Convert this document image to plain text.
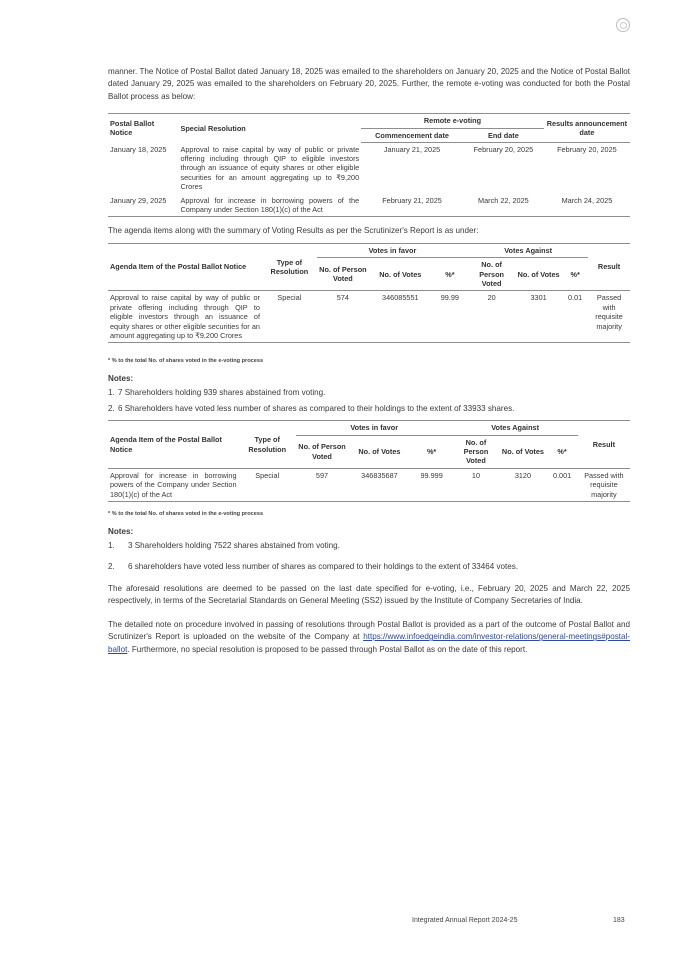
manner. The Notice of Postal Ballot dated January 18, 2025 was emailed to the shareholders on January 20, 2025 and the Notice of Postal Ballot dated January 29, 2025 was emailed to the shareholders on February 20, 2025. Further, the remote e-voting was conducted for both the Postal Ballot process as below:

Postal Ballot Notice	Special Resolution	Remote e-voting		Results announcement date
		Commencement date	End date	
January 18, 2025	Approval to raise capital by way of public or private offering including through QIP to eligible investors through an issuance of equity shares or other eligible securities for an amount aggregating up to ₹9,200 Crores	January 21, 2025	February 20, 2025	February 20, 2025
January 29, 2025	Approval for increase in borrowing powers of the Company under Section 180(1)(c) of the Act	February 21, 2025	March 22, 2025	March 24, 2025

The agenda items along with the summary of Voting Results as per the Scrutinizer's Report is as under:

Agenda Item of the Postal Ballot Notice	Type of Resolution	Votes in favor			Votes Against			Result
		No. of Person Voted	No. of Votes	%*	No. of Person Voted	No. of Votes	%*	
Approval to raise capital by way of public or private offering including through QIP to eligible investors through an issuance of equity shares or other eligible securities for an amount aggregating up to ₹9,200 Crores	Special	574	346085551	99.99	20	3301	0.01	Passed with requisite majority
* % to the total No. of shares voted in the e-voting process
Notes:
1. 7 Shareholders holding 939 shares abstained from voting.
2. 6 Shareholders have voted less number of shares as compared to their holdings to the extent of 33933 shares.
Agenda Item of the Postal Ballot Notice	Type of Resolution	Votes in favor			Votes Against			Result
		No. of Person Voted	No. of Votes	%*	No. of Person Voted	No. of Votes	%*	
Approval for increase in borrowing powers of the Company under Section 180(1)(c) of the Act	Special	597	346835687	99.999	10	3120	0.001	Passed with requisite majority
* % to the total No. of shares voted in the e-voting process
Notes:
1.	3 Shareholders holding 7522 shares abstained from voting.
2.	6 shareholders have voted less number of shares as compared to their holdings to the extent of 33464 votes.

The aforesaid resolutions are deemed to be passed on the last date specified for e-voting, i.e., February 20, 2025 and March 22, 2025 respectively, in terms of the Secretarial Standards on General Meeting (SS2) issued by the Institute of Company Secretaries of India.

The detailed note on procedure involved in passing of resolutions through Postal Ballot is provided as a part of the outcome of Postal Ballot and Scrutinizer's Report is uploaded on the website of the Company at https://www.infoedgeindia.com/investor-relations/general-meetings#postal-ballot. Furthermore, no special resolution is proposed to be passed through Postal Ballot as on the date of this report.

Integrated Annual Report 2024-25	183
